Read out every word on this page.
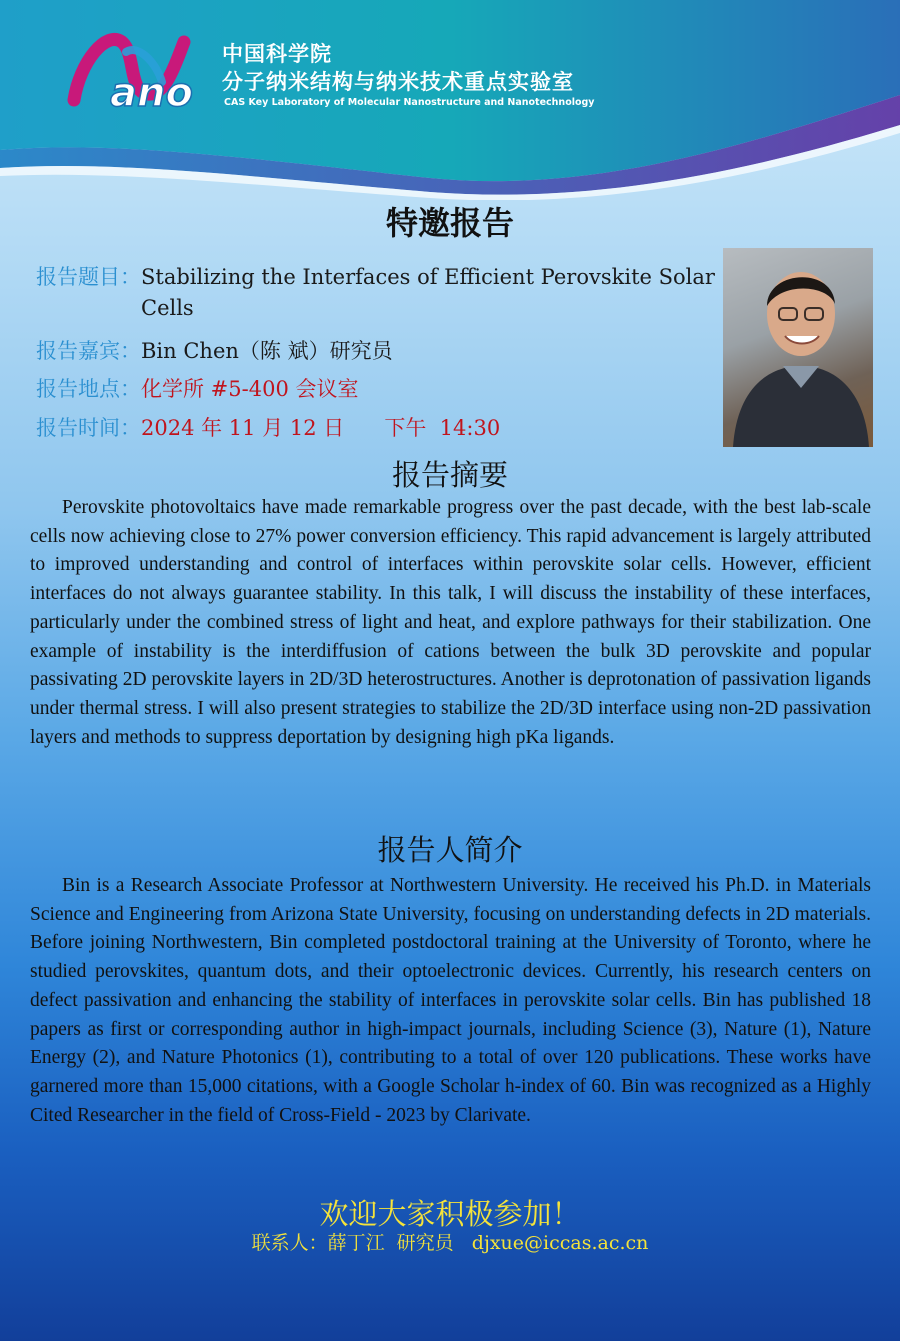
ano
中国科学院
分子纳米结构与纳米技术重点实验室
CAS Key Laboratory of Molecular Nanostructure and Nanotechnology
特邀报告
报告题目： Stabilizing the Interfaces of Efficient Perovskite Solar Cells
报告嘉宾：Bin Chen（陈 斌）研究员
报告地点：化学所 #5-400 会议室
报告时间：2024 年 11 月 12 日      下午  14:30
报告摘要
Perovskite photovoltaics have made remarkable progress over the past decade, with the best lab-scale cells now achieving close to 27% power conversion efficiency. This rapid advancement is largely attributed to improved understanding and control of interfaces within perovskite solar cells. However, efficient interfaces do not always guarantee stability. In this talk, I will discuss the instability of these interfaces, particularly under the combined stress of light and heat, and explore pathways for their stabilization. One example of instability is the interdiffusion of cations between the bulk 3D perovskite and popular passivating 2D perovskite layers in 2D/3D heterostructures. Another is deprotonation of passivation ligands under thermal stress. I will also present strategies to stabilize the 2D/3D interface using non-2D passivation layers and methods to suppress deportation by designing high pKa ligands.
报告人简介
Bin is a Research Associate Professor at Northwestern University. He received his Ph.D. in Materials Science and Engineering from Arizona State University, focusing on understanding defects in 2D materials. Before joining Northwestern, Bin completed postdoctoral training at the University of Toronto, where he studied perovskites, quantum dots, and their optoelectronic devices. Currently, his research centers on defect passivation and enhancing the stability of interfaces in perovskite solar cells. Bin has published 18 papers as first or corresponding author in high-impact journals, including Science (3), Nature (1), Nature Energy (2), and Nature Photonics (1), contributing to a total of over 120 publications. These works have garnered more than 15,000 citations, with a Google Scholar h-index of 60. Bin was recognized as a Highly Cited Researcher in the field of Cross-Field - 2023 by Clarivate.
欢迎大家积极参加！
联系人：薛丁江  研究员   djxue@iccas.ac.cn
